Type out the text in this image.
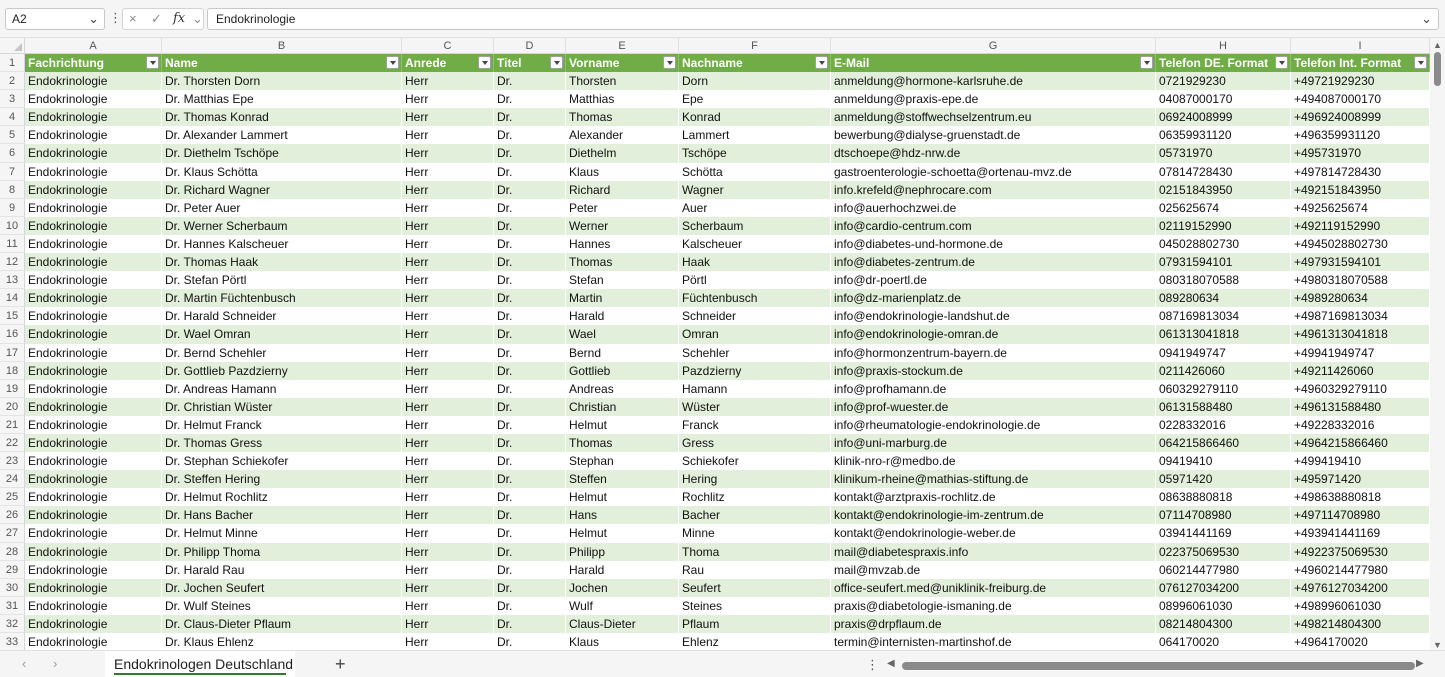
A2	⌄ ⋮ × ✓ fx ⌄	Endokrinologie	⌄
A	B	C	D	E	F	G	H	I
1	Fachrichtung	Name	Anrede	Titel	Vorname	Nachname	E-Mail	Telefon DE. Format	Telefon Int. Format
2	Endokrinologie	Dr. Thorsten Dorn	Herr	Dr.	Thorsten	Dorn	anmeldung@hormone-karlsruhe.de	0721929230	+49721929230
3	Endokrinologie	Dr. Matthias Epe	Herr	Dr.	Matthias	Epe	anmeldung@praxis-epe.de	04087000170	+494087000170
4	Endokrinologie	Dr. Thomas Konrad	Herr	Dr.	Thomas	Konrad	anmeldung@stoffwechselzentrum.eu	06924008999	+496924008999
5	Endokrinologie	Dr. Alexander Lammert	Herr	Dr.	Alexander	Lammert	bewerbung@dialyse-gruenstadt.de	06359931120	+496359931120
6	Endokrinologie	Dr. Diethelm Tschöpe	Herr	Dr.	Diethelm	Tschöpe	dtschoepe@hdz-nrw.de	05731970	+495731970
7	Endokrinologie	Dr. Klaus Schötta	Herr	Dr.	Klaus	Schötta	gastroenterologie-schoetta@ortenau-mvz.de	07814728430	+497814728430
8	Endokrinologie	Dr. Richard Wagner	Herr	Dr.	Richard	Wagner	info.krefeld@nephrocare.com	02151843950	+492151843950
9	Endokrinologie	Dr. Peter Auer	Herr	Dr.	Peter	Auer	info@auerhochzwei.de	025625674	+4925625674
10 Endokrinologie	Dr. Werner Scherbaum	Herr	Dr.	Werner	Scherbaum	info@cardio-centrum.com	02119152990	+492119152990
11 Endokrinologie	Dr. Hannes Kalscheuer	Herr	Dr.	Hannes	Kalscheuer	info@diabetes-und-hormone.de	045028802730	+4945028802730
12 Endokrinologie	Dr. Thomas Haak	Herr	Dr.	Thomas	Haak	info@diabetes-zentrum.de	07931594101	+497931594101
13 Endokrinologie	Dr. Stefan Pörtl	Herr	Dr.	Stefan	Pörtl	info@dr-poertl.de	080318070588	+4980318070588
14 Endokrinologie	Dr. Martin Füchtenbusch	Herr	Dr.	Martin	Füchtenbusch	info@dz-marienplatz.de	089280634	+4989280634
15 Endokrinologie	Dr. Harald Schneider	Herr	Dr.	Harald	Schneider	info@endokrinologie-landshut.de	087169813034	+4987169813034
16 Endokrinologie	Dr. Wael Omran	Herr	Dr.	Wael	Omran	info@endokrinologie-omran.de	061313041818	+4961313041818
17 Endokrinologie	Dr. Bernd Schehler	Herr	Dr.	Bernd	Schehler	info@hormonzentrum-bayern.de	0941949747	+49941949747
18 Endokrinologie	Dr. Gottlieb Pazdzierny	Herr	Dr.	Gottlieb	Pazdzierny	info@praxis-stockum.de	0211426060	+49211426060
19 Endokrinologie	Dr. Andreas Hamann	Herr	Dr.	Andreas	Hamann	info@profhamann.de	060329279110	+4960329279110
20 Endokrinologie	Dr. Christian Wüster	Herr	Dr.	Christian	Wüster	info@prof-wuester.de	06131588480	+496131588480
21 Endokrinologie	Dr. Helmut Franck	Herr	Dr.	Helmut	Franck	info@rheumatologie-endokrinologie.de	0228332016	+49228332016
22 Endokrinologie	Dr. Thomas Gress	Herr	Dr.	Thomas	Gress	info@uni-marburg.de	064215866460	+4964215866460
23 Endokrinologie	Dr. Stephan Schiekofer	Herr	Dr.	Stephan	Schiekofer	klinik-nro-r@medbo.de	09419410	+499419410
24 Endokrinologie	Dr. Steffen Hering	Herr	Dr.	Steffen	Hering	klinikum-rheine@mathias-stiftung.de	05971420	+495971420
25 Endokrinologie	Dr. Helmut Rochlitz	Herr	Dr.	Helmut	Rochlitz	kontakt@arztpraxis-rochlitz.de	08638880818	+498638880818
26 Endokrinologie	Dr. Hans Bacher	Herr	Dr.	Hans	Bacher	kontakt@endokrinologie-im-zentrum.de	07114708980	+497114708980
27 Endokrinologie	Dr. Helmut Minne	Herr	Dr.	Helmut	Minne	kontakt@endokrinologie-weber.de	03941441169	+493941441169
28 Endokrinologie	Dr. Philipp Thoma	Herr	Dr.	Philipp	Thoma	mail@diabetespraxis.info	022375069530	+4922375069530
29 Endokrinologie	Dr. Harald Rau	Herr	Dr.	Harald	Rau	mail@mvzab.de	060214477980	+4960214477980
30 Endokrinologie	Dr. Jochen Seufert	Herr	Dr.	Jochen	Seufert	office-seufert.med@uniklinik-freiburg.de	076127034200	+4976127034200
31 Endokrinologie	Dr. Wulf Steines	Herr	Dr.	Wulf	Steines	praxis@diabetologie-ismaning.de	08996061030	+498996061030
32 Endokrinologie	Dr. Claus-Dieter Pflaum	Herr	Dr.	Claus-Dieter	Pflaum	praxis@drpflaum.de	08214804300	+498214804300
33 Endokrinologie	Dr. Klaus Ehlenz	Herr	Dr.	Klaus	Ehlenz	termin@internisten-martinshof.de	064170020	+4964170020
▲
▼
‹ ›	Endokrinologen Deutschland +	⋮ ◀	▶
